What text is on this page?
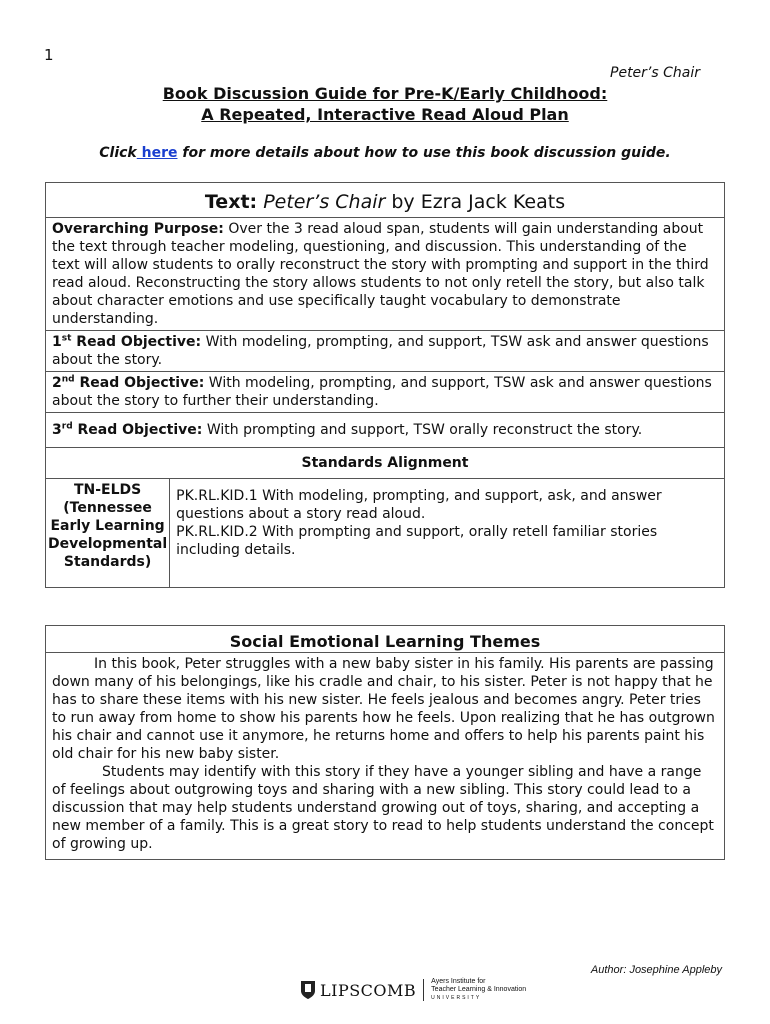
1
Peter’s Chair
Book Discussion Guide for Pre-K/Early Childhood:
A Repeated, Interactive Read Aloud Plan
Click here for more details about how to use this book discussion guide.
Text: Peter’s Chair by Ezra Jack Keats
Overarching Purpose: Over the 3 read aloud span, students will gain understanding about the text through teacher modeling, questioning, and discussion. This understanding of the text will allow students to orally reconstruct the story with prompting and support in the third read aloud. Reconstructing the story allows students to not only retell the story, but also talk about character emotions and use specifically taught vocabulary to demonstrate understanding.
1st Read Objective: With modeling, prompting, and support, TSW ask and answer questions about the story.
2nd Read Objective: With modeling, prompting, and support, TSW ask and answer questions about the story to further their understanding.
3rd Read Objective: With prompting and support, TSW orally reconstruct the story.
Standards Alignment
TN-ELDS (Tennessee Early Learning Developmental Standards)	
PK.RL.KID.1 With modeling, prompting, and support, ask, and answer questions about a story read aloud.
PK.RL.KID.2 With prompting and support, orally retell familiar stories including details.
Social Emotional Learning Themes

In this book, Peter struggles with a new baby sister in his family. His parents are passing down many of his belongings, like his cradle and chair, to his sister. Peter is not happy that he has to share these items with his new sister. He feels jealous and becomes angry. Peter tries to run away from home to show his parents how he feels. Upon realizing that he has outgrown his chair and cannot use it anymore, he returns home and offers to help his parents paint his old chair for his new baby sister.

Students may identify with this story if they have a younger sibling and have a range of feelings about outgrowing toys and sharing with a new sibling. This story could lead to a discussion that may help students understand growing out of toys, sharing, and accepting a new member of a family. This is a great story to read to help students understand the concept of growing up.

Author: Josephine Appleby
LIPSCOMB Ayers Institute for
Teacher Learning & Innovation
UNIVERSITY
